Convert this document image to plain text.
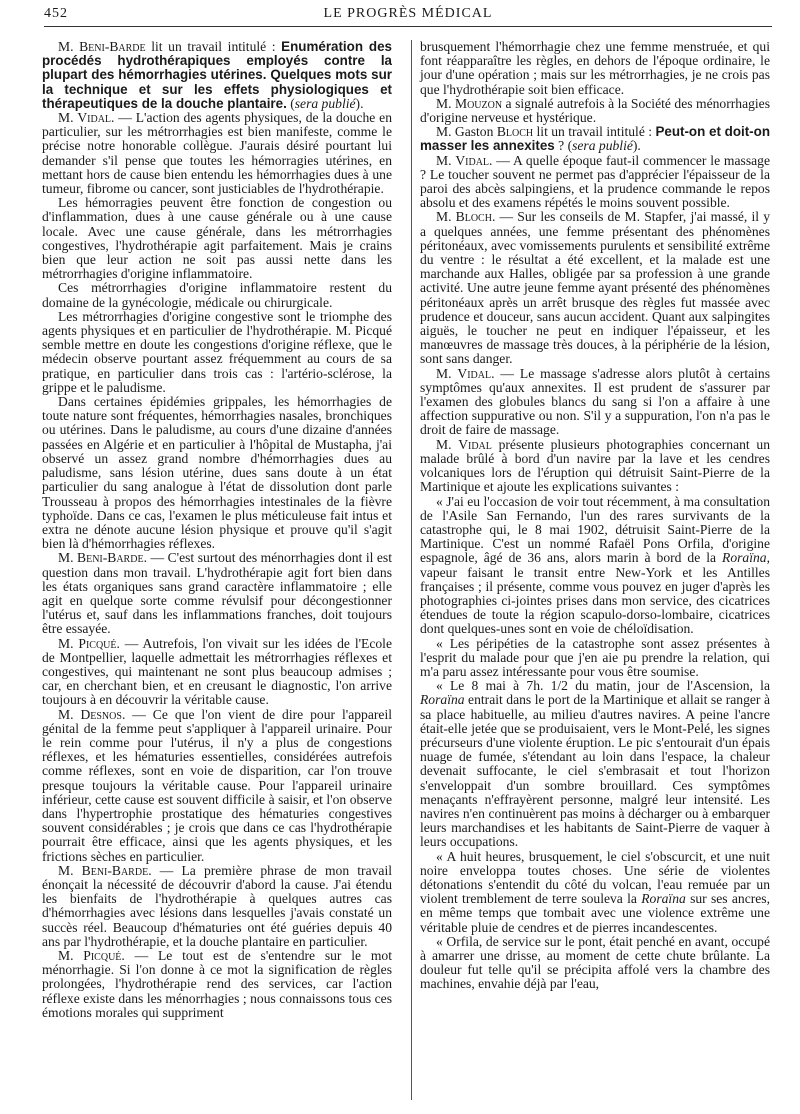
452	LE PROGRÈS MÉDICAL

M. Beni-Barde lit un travail intitulé : Enumération des procédés hydrothérapiques employés contre la plupart des hémorrhagies utérines. Quelques mots sur la technique et sur les effets physiologiques et thérapeutiques de la douche plantaire. (sera publié).

M. Vidal. — L'action des agents physiques, de la douche en particulier, sur les métrorrhagies est bien manifeste, comme le précise notre honorable collègue. J'aurais désiré pourtant lui demander s'il pense que toutes les hémorragies utérines, en mettant hors de cause bien entendu les hémorrhagies dues à une tumeur, fibrome ou cancer, sont justiciables de l'hydrothérapie.

Les hémorragies peuvent être fonction de congestion ou d'inflammation, dues à une cause générale ou à une cause locale. Avec une cause générale, dans les métrorrhagies congestives, l'hydrothérapie agit parfaitement. Mais je crains bien que leur action ne soit pas aussi nette dans les métrorrhagies d'origine inflammatoire.

Ces métrorrhagies d'origine inflammatoire restent du domaine de la gynécologie, médicale ou chirurgicale.

Les métrorrhagies d'origine congestive sont le triomphe des agents physiques et en particulier de l'hydrothérapie. M. Picqué semble mettre en doute les congestions d'origine réflexe, que le médecin observe pourtant assez fréquemment au cours de sa pratique, en particulier dans trois cas : l'artério-sclérose, la grippe et le paludisme.

Dans certaines épidémies grippales, les hémorrhagies de toute nature sont fréquentes, hémorrhagies nasales, bronchiques ou utérines. Dans le paludisme, au cours d'une dizaine d'années passées en Algérie et en particulier à l'hôpital de Mustapha, j'ai observé un assez grand nombre d'hémorrhagies dues au paludisme, sans lésion utérine, dues sans doute à un état particulier du sang analogue à l'état de dissolution dont parle Trousseau à propos des hémorrhagies intestinales de la fièvre typhoïde. Dans ce cas, l'examen le plus méticuleuse fait intus et extra ne dénote aucune lésion physique et prouve qu'il s'agit bien là d'hémorrhagies réflexes.

M. Beni-Barde. — C'est surtout des ménorrhagies dont il est question dans mon travail. L'hydrothérapie agit fort bien dans les états organiques sans grand caractère inflammatoire ; elle agit en quelque sorte comme révulsif pour décongestionner l'utérus et, sauf dans les inflammations franches, doit toujours être essayée.

M. Picqué. — Autrefois, l'on vivait sur les idées de l'Ecole de Montpellier, laquelle admettait les métrorrhagies réflexes et congestives, qui maintenant ne sont plus beaucoup admises ; car, en cherchant bien, et en creusant le diagnostic, l'on arrive toujours à en découvrir la véritable cause.

M. Desnos. — Ce que l'on vient de dire pour l'appareil génital de la femme peut s'appliquer à l'appareil urinaire. Pour le rein comme pour l'utérus, il n'y a plus de congestions réflexes, et les hématuries essentielles, considérées autrefois comme réflexes, sont en voie de disparition, car l'on trouve presque toujours la véritable cause. Pour l'appareil urinaire inférieur, cette cause est souvent difficile à saisir, et l'on observe dans l'hypertrophie prostatique des hématuries congestives souvent considérables ; je crois que dans ce cas l'hydrothérapie pourrait être efficace, ainsi que les agents physiques, et les frictions sèches en particulier.

M. Beni-Barde. — La première phrase de mon travail énonçait la nécessité de découvrir d'abord la cause. J'ai étendu les bienfaits de l'hydrothérapie à quelques autres cas d'hémorrhagies avec lésions dans lesquelles j'avais constaté un succès réel. Beaucoup d'hématuries ont été guéries depuis 40 ans par l'hydrothérapie, et la douche plantaire en particulier.

M. Picqué. — Le tout est de s'entendre sur le mot ménorrhagie. Si l'on donne à ce mot la signification de règles prolongées, l'hydrothérapie rend des services, car l'action réflexe existe dans les ménorrhagies ; nous connaissons tous ces émotions morales qui suppriment

brusquement l'hémorrhagie chez une femme menstruée, et qui font réapparaître les règles, en dehors de l'époque ordinaire, le jour d'une opération ; mais sur les métrorrhagies, je ne crois pas que l'hydrothérapie soit bien efficace.

M. Mouzon a signalé autrefois à la Société des ménorrhagies d'origine nerveuse et hystérique.

M. Gaston Bloch lit un travail intitulé : Peut-on et doit-on masser les annexites ? (sera publié).

M. Vidal. — A quelle époque faut-il commencer le massage ? Le toucher souvent ne permet pas d'apprécier l'épaisseur de la paroi des abcès salpingiens, et la prudence commande le repos absolu et des examens répétés le moins souvent possible.

M. Bloch. — Sur les conseils de M. Stapfer, j'ai massé, il y a quelques années, une femme présentant des phénomènes péritonéaux, avec vomissements purulents et sensibilité extrême du ventre : le résultat a été excellent, et la malade est une marchande aux Halles, obligée par sa profession à une grande activité. Une autre jeune femme ayant présenté des phénomènes péritonéaux après un arrêt brusque des règles fut massée avec prudence et douceur, sans aucun accident. Quant aux salpingites aiguës, le toucher ne peut en indiquer l'épaisseur, et les manœuvres de massage très douces, à la périphérie de la lésion, sont sans danger.

M. Vidal. — Le massage s'adresse alors plutôt à certains symptômes qu'aux annexites. Il est prudent de s'assurer par l'examen des globules blancs du sang si l'on a affaire à une affection suppurative ou non. S'il y a suppuration, l'on n'a pas le droit de faire de massage.

M. Vidal présente plusieurs photographies concernant un malade brûlé à bord d'un navire par la lave et les cendres volcaniques lors de l'éruption qui détruisit Saint-Pierre de la Martinique et ajoute les explications suivantes :

« J'ai eu l'occasion de voir tout récemment, à ma consultation de l'Asile San Fernando, l'un des rares survivants de la catastrophe qui, le 8 mai 1902, détruisit Saint-Pierre de la Martinique. C'est un nommé Rafaël Pons Orfila, d'origine espagnole, âgé de 36 ans, alors marin à bord de la Roraïna, vapeur faisant le transit entre New-York et les Antilles françaises ; il présente, comme vous pouvez en juger d'après les photographies ci-jointes prises dans mon service, des cicatrices étendues de toute la région scapulo-dorso-lombaire, cicatrices dont quelques-unes sont en voie de chéloïdisation.

« Les péripéties de la catastrophe sont assez présentes à l'esprit du malade pour que j'en aie pu prendre la relation, qui m'a paru assez intéressante pour vous être soumise.

« Le 8 mai à 7h. 1/2 du matin, jour de l'Ascension, la Roraïna entrait dans le port de la Martinique et allait se ranger à sa place habituelle, au milieu d'autres navires. A peine l'ancre était-elle jetée que se produisaient, vers le Mont-Pelé, les signes précurseurs d'une violente éruption. Le pic s'entourait d'un épais nuage de fumée, s'étendant au loin dans l'espace, la chaleur devenait suffocante, le ciel s'embrasait et tout l'horizon s'enveloppait d'un sombre brouillard. Ces symptômes menaçants n'effrayèrent personne, malgré leur intensité. Les navires n'en continuèrent pas moins à décharger ou à embarquer leurs marchandises et les habitants de Saint-Pierre de vaquer à leurs occupations.

« A huit heures, brusquement, le ciel s'obscurcit, et une nuit noire enveloppa toutes choses. Une série de violentes détonations s'entendit du côté du volcan, l'eau remuée par un violent tremblement de terre souleva la Roraïna sur ses ancres, en même temps que tombait avec une violence extrême une véritable pluie de cendres et de pierres incandescentes.

« Orfila, de service sur le pont, était penché en avant, occupé à amarrer une drisse, au moment de cette chute brûlante. La douleur fut telle qu'il se précipita affolé vers la chambre des machines, envahie déjà par l'eau,
